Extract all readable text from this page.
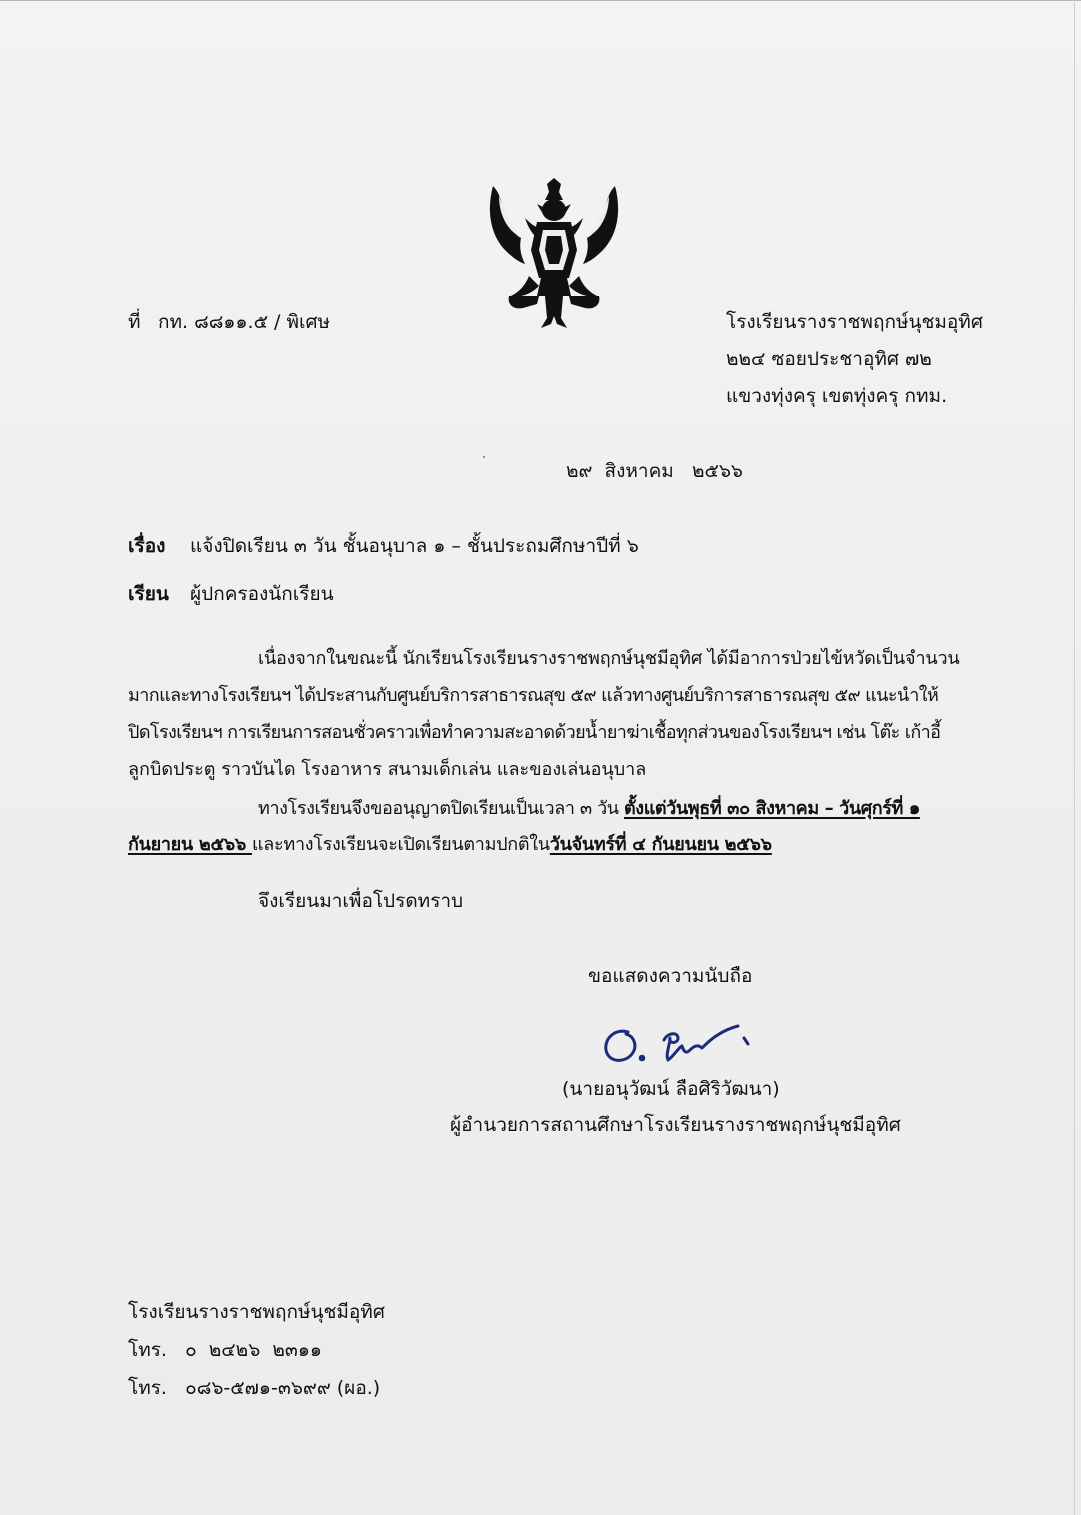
ที่ กท. ๘๘๑๑.๕ / พิเศษ	โรงเรียนรางราชพฤกษ์นุชมอุทิศ
๒๒๔ ซอยประชาอุทิศ ๗๒
แขวงทุ่งครุ เขตทุ่งครุ กทม.
๒๙  สิงหาคม   ๒๕๖๖
เรื่อง แจ้งปิดเรียน ๓ วัน ชั้นอนุบาล ๑ – ชั้นประถมศึกษาปีที่ ๖
เรียน ผู้ปกครองนักเรียน
เนื่องจากในขณะนี้ นักเรียนโรงเรียนรางราชพฤกษ์นุชมีอุทิศ ได้มีอาการป่วยไข้หวัดเป็นจำนวน
มากและทางโรงเรียนฯ ได้ประสานกับศูนย์บริการสาธารณสุข ๕๙ แล้วทางศูนย์บริการสาธารณสุข ๕๙ แนะนำให้
ปิดโรงเรียนฯ การเรียนการสอนชั่วคราวเพื่อทำความสะอาดด้วยน้ำยาฆ่าเชื้อทุกส่วนของโรงเรียนฯ เช่น โต๊ะ เก้าอี้
ลูกบิดประตู ราวบันได โรงอาหาร สนามเด็กเล่น และของเล่นอนุบาล
ทางโรงเรียนจึงขออนุญาตปิดเรียนเป็นเวลา ๓ วัน ตั้งแต่วันพุธที่ ๓๐ สิงหาคม – วันศุกร์ที่ ๑
กันยายน ๒๕๖๖ และทางโรงเรียนจะเปิดเรียนตามปกติในวันจันทร์ที่ ๔ กันยนยน ๒๕๖๖
จึงเรียนมาเพื่อโปรดทราบ
ขอแสดงความนับถือ
(นายอนุวัฒน์ ลือศิริวัฒนา)
ผู้อำนวยการสถานศึกษาโรงเรียนรางราชพฤกษ์นุชมีอุทิศ
โรงเรียนรางราชพฤกษ์นุชมีอุทิศ
โทร.   ๐  ๒๔๒๖  ๒๓๑๑
โทร.   ๐๘๖-๕๗๑-๓๖๙๙ (ผอ.)
